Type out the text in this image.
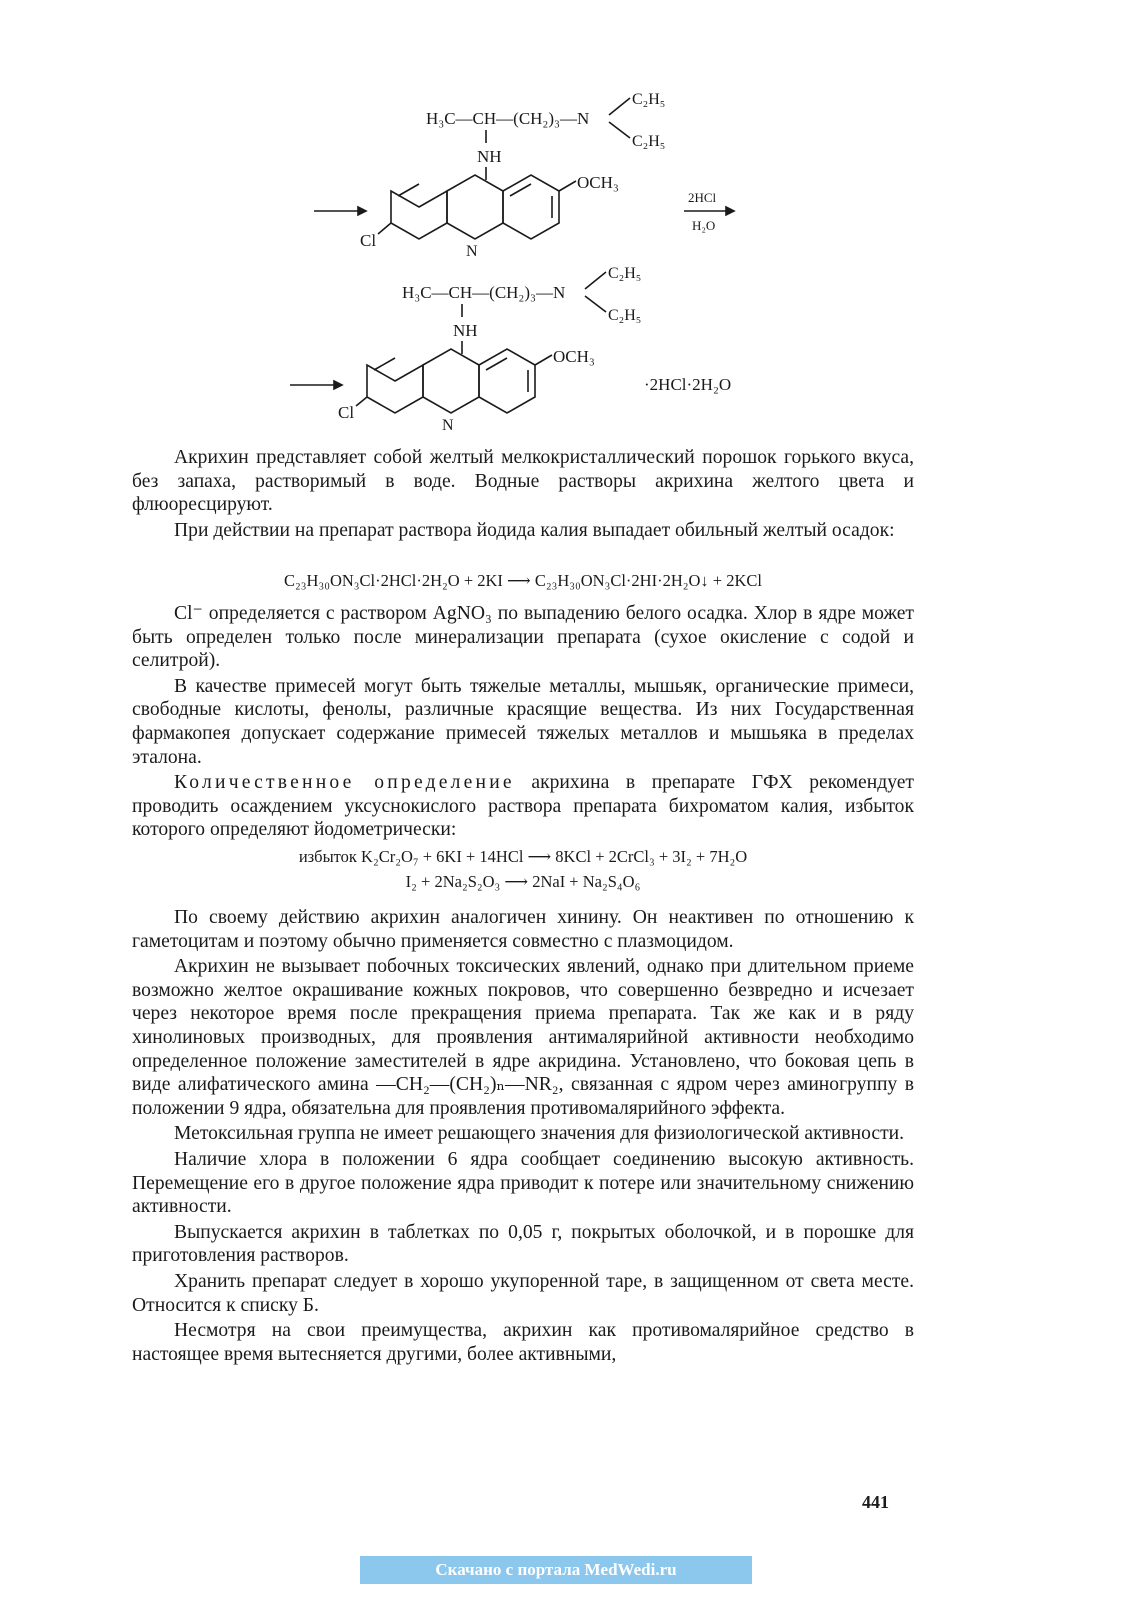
H₃C—CH—(CH₂)₃—N
C₂H₅
C₂H₅
NH
N
OCH₃
Cl
2HCl
H₂O
H₃C—CH—(CH₂)₃—N
C₂H₅
C₂H₅
NH
N
OCH₃
Cl
·2HCl·2H₂O

Акрихин представляет собой желтый мелкокристаллический порошок горького вкуса, без запаха, растворимый в воде. Водные растворы акрихина желтого цвета и флюоресцируют.

При действии на препарат раствора йодида калия выпадает обильный желтый осадок:

C₂₃H₃₀ON₃Cl·2HCl·2H₂O + 2KI ⟶ C₂₃H₃₀ON₃Cl·2HI·2H₂O↓ + 2KCl

Cl⁻ определяется с раствором AgNO₃ по выпадению белого осадка. Хлор в ядре может быть определен только после минерализации препарата (сухое окисление с содой и селитрой).

В качестве примесей могут быть тяжелые металлы, мышьяк, органические примеси, свободные кислоты, фенолы, различные красящие вещества. Из них Государственная фармакопея допускает содержание примесей тяжелых металлов и мышьяка в пределах эталона.

Количественное определение акрихина в препарате ГФХ рекомендует проводить осаждением уксуснокислого раствора препарата бихроматом калия, избыток которого определяют йодометрически:

избыток K₂Cr₂O₇ + 6KI + 14HCl ⟶ 8KCl + 2CrCl₃ + 3I₂ + 7H₂O
I₂ + 2Na₂S₂O₃ ⟶ 2NaI + Na₂S₄O₆

По своему действию акрихин аналогичен хинину. Он неактивен по отношению к гаметоцитам и поэтому обычно применяется совместно с плазмоцидом.

Акрихин не вызывает побочных токсических явлений, однако при длительном приеме возможно желтое окрашивание кожных покровов, что совершенно безвредно и исчезает через некоторое время после прекращения приема препарата. Так же как и в ряду хинолиновых производных, для проявления антималярийной активности необходимо определенное положение заместителей в ядре акридина. Установлено, что боковая цепь в виде алифатического амина —CH₂—(CH₂)ₙ—NR₂, связанная с ядром через аминогруппу в положении 9 ядра, обязательна для проявления противомалярийного эффекта.

Метоксильная группа не имеет решающего значения для физиологической активности.

Наличие хлора в положении 6 ядра сообщает соединению высокую активность. Перемещение его в другое положение ядра приводит к потере или значительному снижению активности.

Выпускается акрихин в таблетках по 0,05 г, покрытых оболочкой, и в порошке для приготовления растворов.

Хранить препарат следует в хорошо укупоренной таре, в защищенном от света месте. Относится к списку Б.

Несмотря на свои преимущества, акрихин как противомалярийное средство в настоящее время вытесняется другими, более активными,

441
Скачано с портала MedWedi.ru
